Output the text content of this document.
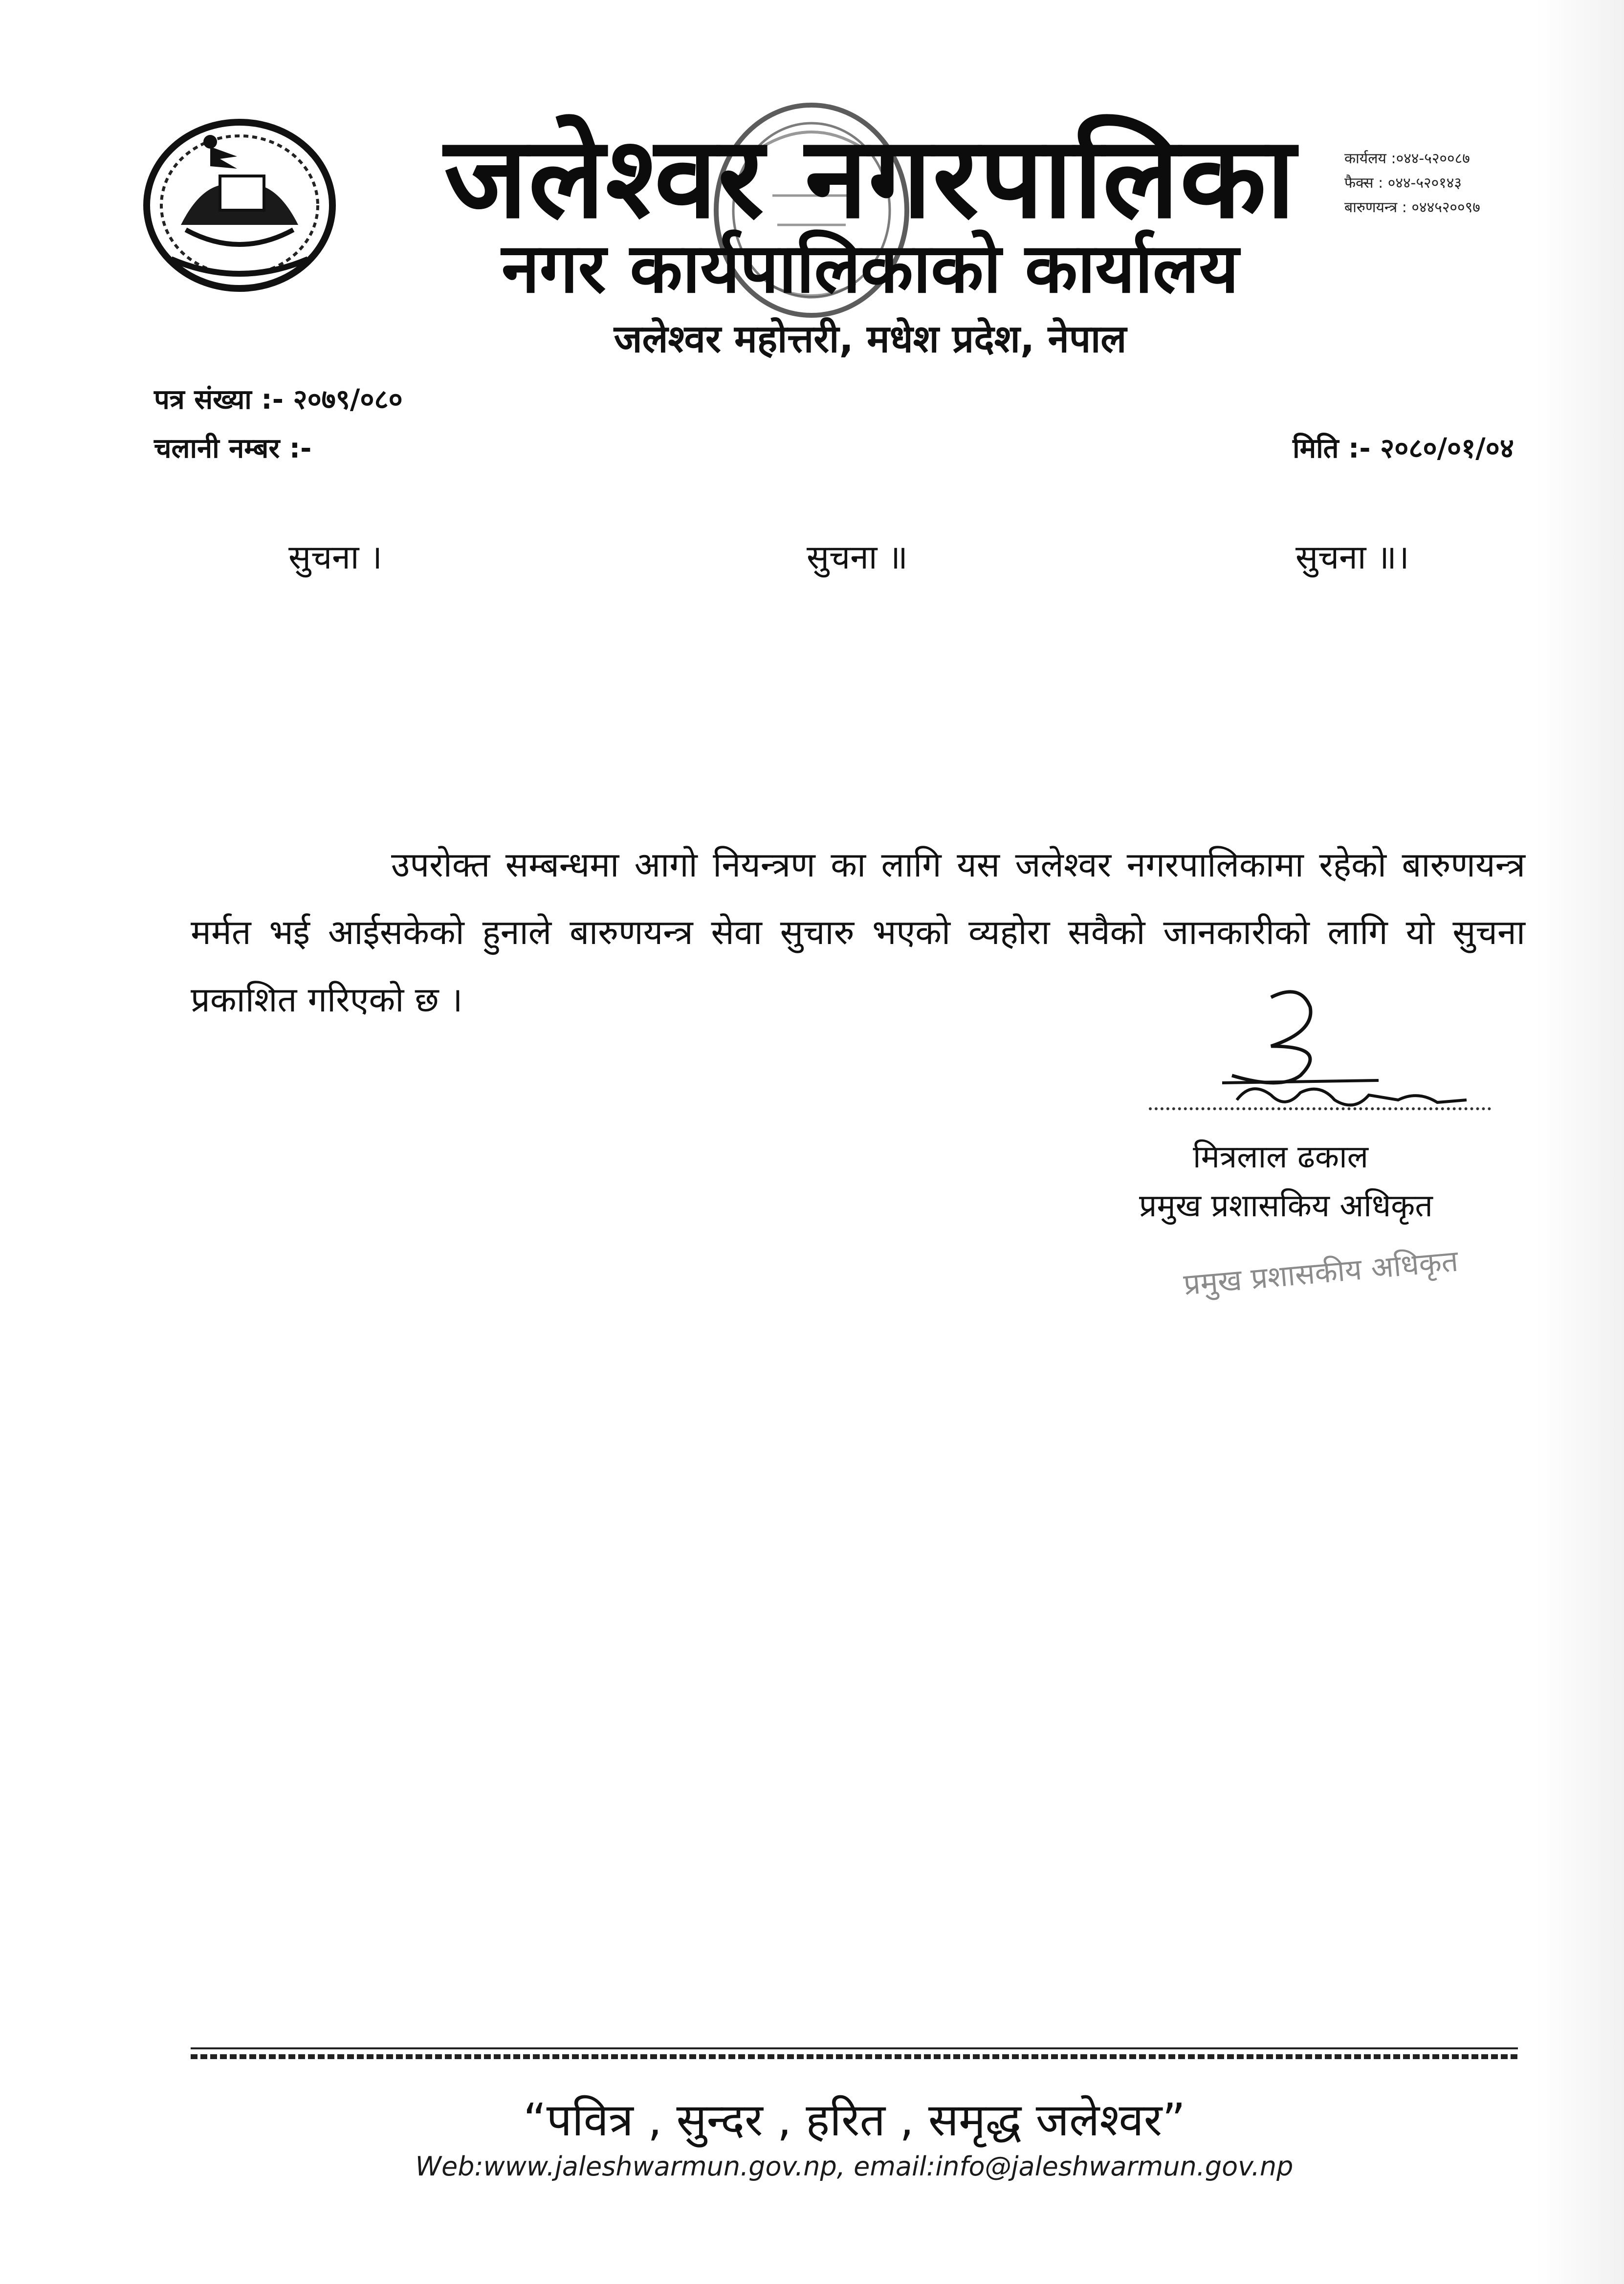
जलेश्वर नगरपालिका
नगर कार्यपालिकाको कार्यालय
जलेश्वर महोत्तरी, मधेश प्रदेश, नेपाल
कार्यलय :०४४-५२००८७
फैक्स : ०४४-५२०१४३
बारुणयन्त्र : ०४४५२००९७
पत्र संख्या :- २०७९/०८०
चलानी नम्बर :-	मिति :- २०८०/०१/०४
सुचना ।	सुचना ॥	सुचना ॥।
उपरोक्त सम्बन्धमा आगो नियन्त्रण का लागि यस जलेश्वर नगरपालिकामा रहेको बारुणयन्त्र मर्मत भई आईसकेको हुनाले बारुणयन्त्र सेवा सुचारु भएको व्यहोरा सवैको जानकारीको लागि यो सुचना प्रकाशित गरिएको छ ।
मित्रलाल ढकाल
प्रमुख प्रशासकिय अधिकृत
प्रमुख प्रशासकीय अधिकृत
“पवित्र , सुन्दर , हरित , समृद्ध जलेश्वर”
Web:www.jaleshwarmun.gov.np, email:info@jaleshwarmun.gov.np
